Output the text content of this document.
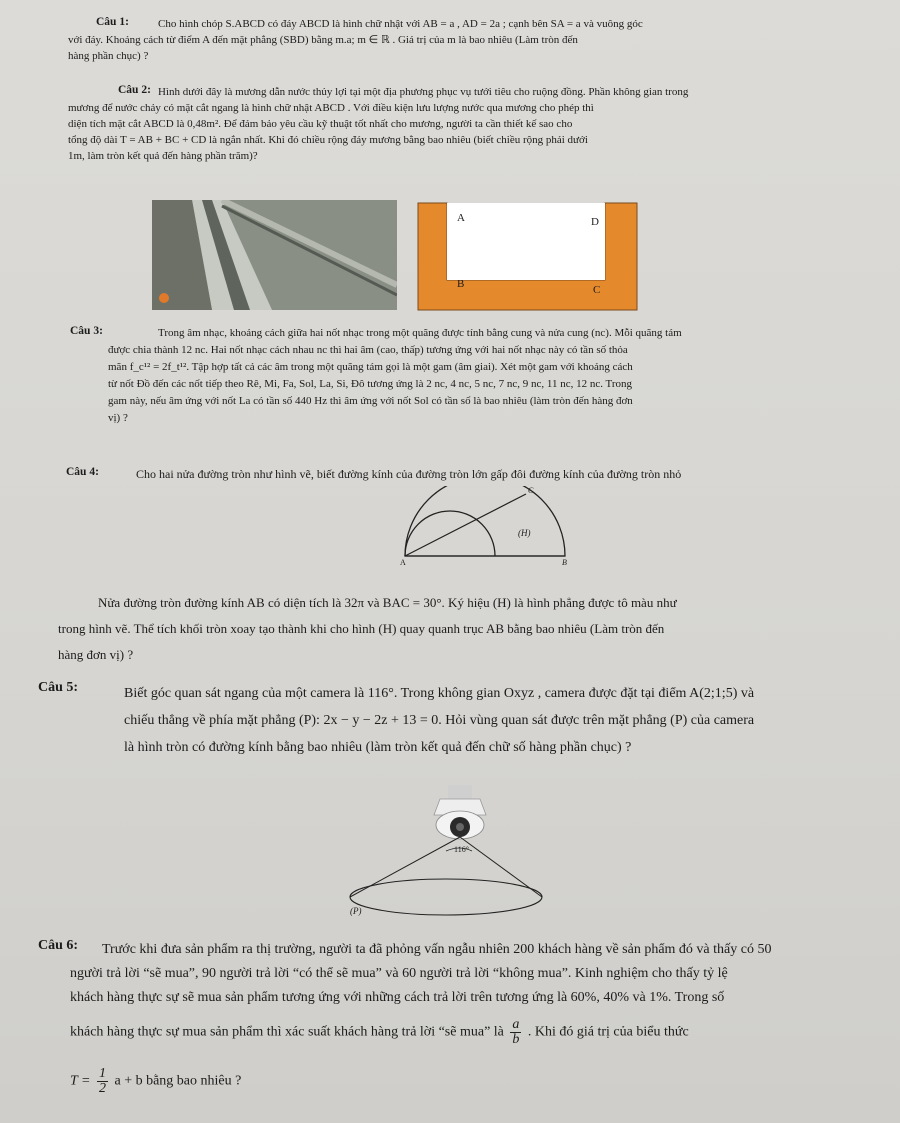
Câu 1:	Cho hình chóp S.ABCD có đáy ABCD là hình chữ nhật với AB = a , AD = 2a ; cạnh bên SA = a và vuông góc
với đáy. Khoảng cách từ điểm A đến mặt phẳng (SBD) bằng m.a; m ∈ ℝ . Giá trị của m là bao nhiêu (Làm tròn đến
hàng phần chục) ?
Câu 2: Hình dưới đây là mương dẫn nước thủy lợi tại một địa phương phục vụ tưới tiêu cho ruộng đồng. Phần không gian trong
mương để nước chảy có mặt cắt ngang là hình chữ nhật ABCD . Với điều kiện lưu lượng nước qua mương cho phép thì
diện tích mặt cắt ABCD là 0,48m². Để đảm bảo yêu cầu kỹ thuật tốt nhất cho mương, người ta cần thiết kế sao cho
tổng độ dài T = AB + BC + CD là ngắn nhất. Khi đó chiều rộng đáy mương bằng bao nhiêu (biết chiều rộng phải dưới
1m, làm tròn kết quả đến hàng phần trăm)?
A	D
B	C
Câu 3:	Trong âm nhạc, khoảng cách giữa hai nốt nhạc trong một quãng được tính bằng cung và nửa cung (nc). Mỗi quãng tám
được chia thành 12 nc. Hai nốt nhạc cách nhau nc thì hai âm (cao, thấp) tương ứng với hai nốt nhạc này có tần số thỏa
mãn f_c¹² = 2f_t¹². Tập hợp tất cả các âm trong một quãng tám gọi là một gam (âm giai). Xét một gam với khoảng cách
từ nốt Đồ đến các nốt tiếp theo Rê, Mi, Fa, Sol, La, Si, Đô tương ứng là 2 nc, 4 nc, 5 nc, 7 nc, 9 nc, 11 nc, 12 nc. Trong
gam này, nếu âm ứng với nốt La có tần số 440 Hz thì âm ứng với nốt Sol có tần số là bao nhiêu (làm tròn đến hàng đơn
vị) ?
Câu 4:	Cho hai nửa đường tròn như hình vẽ, biết đường kính của đường tròn lớn gấp đôi đường kính của đường tròn nhỏ
A	B
C
(H)
Nửa đường tròn đường kính AB có diện tích là 32π và BAC = 30°. Ký hiệu (H) là hình phẳng được tô màu như
trong hình vẽ. Thể tích khối tròn xoay tạo thành khi cho hình (H) quay quanh trục AB bằng bao nhiêu (Làm tròn đến
hàng đơn vị) ?
Câu 5:	Biết góc quan sát ngang của một camera là 116°. Trong không gian Oxyz , camera được đặt tại điểm A(2;1;5) và
chiếu thẳng về phía mặt phẳng (P): 2x − y − 2z + 13 = 0. Hỏi vùng quan sát được trên mặt phẳng (P) của camera
là hình tròn có đường kính bằng bao nhiêu (làm tròn kết quả đến chữ số hàng phần chục) ?
116°
(P)
Câu 6: Trước khi đưa sản phẩm ra thị trường, người ta đã phỏng vấn ngẫu nhiên 200 khách hàng về sản phẩm đó và thấy có 50
người trả lời “sẽ mua”, 90 người trả lời “có thể sẽ mua” và 60 người trả lời “không mua”. Kinh nghiệm cho thấy tỷ lệ
khách hàng thực sự sẽ mua sản phẩm tương ứng với những cách trả lời trên tương ứng là 60%, 40% và 1%. Trong số
khách hàng thực sự mua sản phẩm thì xác suất khách hàng trả lời “sẽ mua” là $\frac{a}{b}$ . Khi đó giá trị của biểu thức
$T = \frac{1}{2}$ a + b bằng bao nhiêu ?
